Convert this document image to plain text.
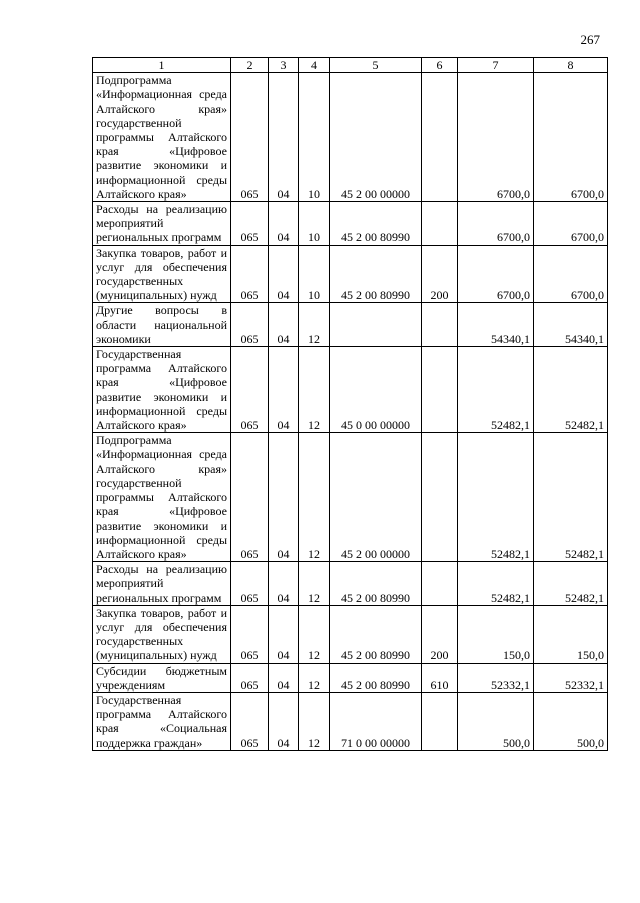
267
1	2	3	4	5	6	7	8
Подпрограмма «Информационная среда Алтайского края» государственной программы Алтайского края «Цифровое развитие экономики и информационной среды Алтайского края»	065	04	10	45 2 00 00000		6700,0	6700,0
Расходы на реализацию мероприятий региональных программ	065	04	10	45 2 00 80990		6700,0	6700,0
Закупка товаров, работ и услуг для обеспечения государственных (муниципальных) нужд	065	04	10	45 2 00 80990	200	6700,0	6700,0
Другие вопросы в области национальной экономики	065	04	12			54340,1	54340,1
Государственная программа Алтайского края «Цифровое развитие экономики и информационной среды Алтайского края»	065	04	12	45 0 00 00000		52482,1	52482,1
Подпрограмма «Информационная среда Алтайского края» государственной программы Алтайского края «Цифровое развитие экономики и информационной среды Алтайского края»	065	04	12	45 2 00 00000		52482,1	52482,1
Расходы на реализацию мероприятий региональных программ	065	04	12	45 2 00 80990		52482,1	52482,1
Закупка товаров, работ и услуг для обеспечения государственных (муниципальных) нужд	065	04	12	45 2 00 80990	200	150,0	150,0
Субсидии бюджетным учреждениям	065	04	12	45 2 00 80990	610	52332,1	52332,1
Государственная программа Алтайского края «Социальная поддержка граждан»	065	04	12	71 0 00 00000		500,0	500,0
